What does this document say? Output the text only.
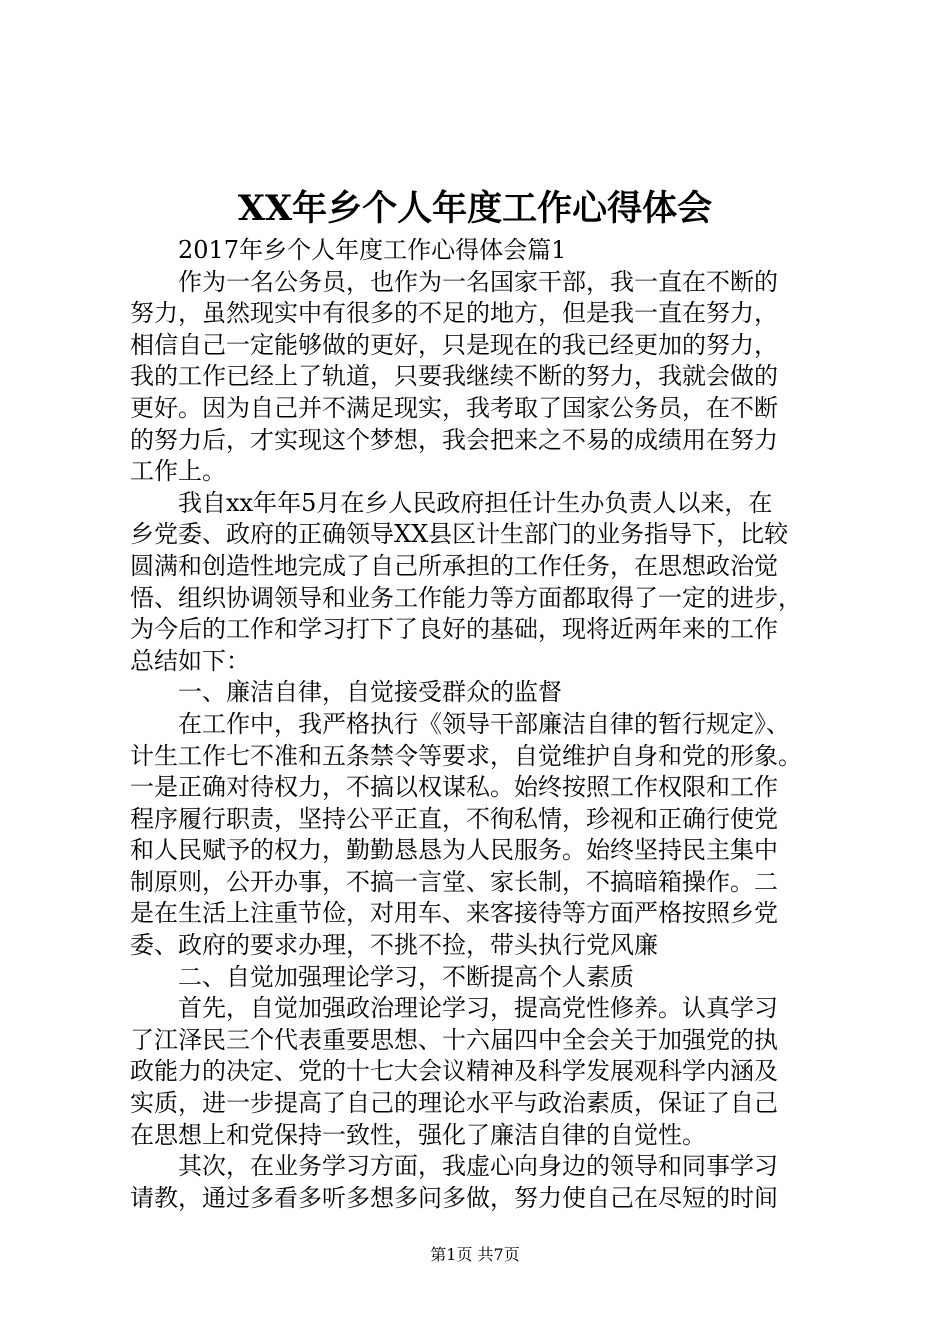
XX年乡个人年度工作心得体会
2017年乡个人年度工作心得体会篇1
作为一名公务员，也作为一名国家干部，我一直在不断的
努力，虽然现实中有很多的不足的地方，但是我一直在努力，
相信自己一定能够做的更好，只是现在的我已经更加的努力，
我的工作已经上了轨道，只要我继续不断的努力，我就会做的
更好。因为自己并不满足现实，我考取了国家公务员，在不断
的努力后，才实现这个梦想，我会把来之不易的成绩用在努力
工作上。
我自xx年年5月在乡人民政府担任计生办负责人以来，在
乡党委、政府的正确领导XX县区计生部门的业务指导下，比较
圆满和创造性地完成了自己所承担的工作任务，在思想政治觉
悟、组织协调领导和业务工作能力等方面都取得了一定的进步，
为今后的工作和学习打下了良好的基础，现将近两年来的工作
总结如下：
一、廉洁自律，自觉接受群众的监督
在工作中，我严格执行《领导干部廉洁自律的暂行规定》、
计生工作七不准和五条禁令等要求，自觉维护自身和党的形象。
一是正确对待权力，不搞以权谋私。始终按照工作权限和工作
程序履行职责，坚持公平正直，不徇私情，珍视和正确行使党
和人民赋予的权力，勤勤恳恳为人民服务。始终坚持民主集中
制原则，公开办事，不搞一言堂、家长制，不搞暗箱操作。二
是在生活上注重节俭，对用车、来客接待等方面严格按照乡党
委、政府的要求办理，不挑不捡，带头执行党风廉
二、自觉加强理论学习，不断提高个人素质
首先，自觉加强政治理论学习，提高党性修养。认真学习
了江泽民三个代表重要思想、十六届四中全会关于加强党的执
政能力的决定、党的十七大会议精神及科学发展观科学内涵及
实质，进一步提高了自己的理论水平与政治素质，保证了自己
在思想上和党保持一致性，强化了廉洁自律的自觉性。
其次，在业务学习方面，我虚心向身边的领导和同事学习
请教，通过多看多听多想多问多做，努力使自己在尽短的时间
第1页 共7页
